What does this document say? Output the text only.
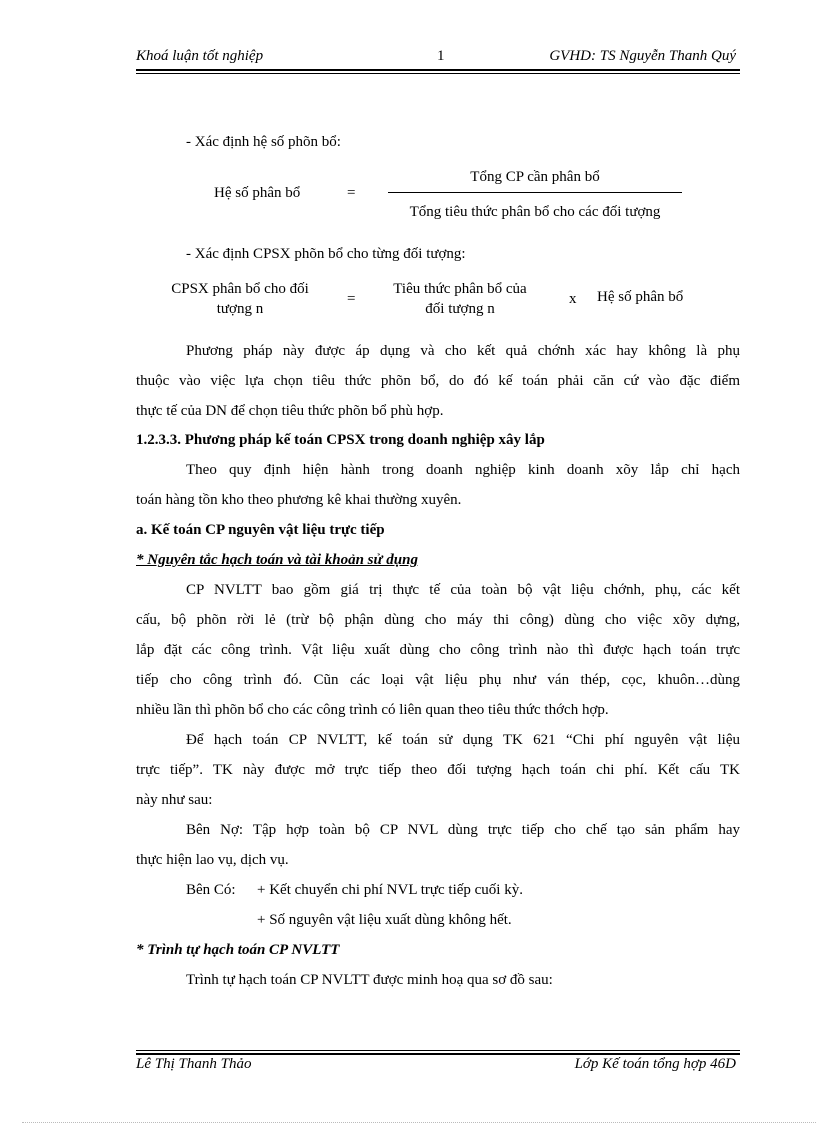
Khoá luận tốt nghiệp	1	GVHD: TS Nguyễn Thanh Quý
- Xác định hệ số phõn bổ:
Hệ số phân bổ	=
Tổng CP cần phân bổ
Tổng tiêu thức phân bổ cho các đối tượng
- Xác định CPSX phõn bổ cho từng đối tượng:
CPSX phân bổ cho đối
tượng n
=
Tiêu thức phân bổ của
đối tượng n
x Hệ số phân bổ
Phương pháp này được áp dụng và cho kết quả chớnh xác hay không là phụ
thuộc vào việc lựa chọn tiêu thức phõn bổ, do đó kế toán phải căn cứ vào đặc điểm
thực tế của DN để chọn tiêu thức phõn bổ phù hợp.
1.2.3.3. Phương pháp kế toán CPSX trong doanh nghiệp xây lắp
Theo quy định hiện hành trong doanh nghiệp kinh doanh xõy lắp chỉ hạch
toán hàng tồn kho theo phương kê khai thường xuyên.
a. Kế toán CP nguyên vật liệu trực tiếp
* Nguyên tắc hạch toán và tài khoản sử dụng
CP NVLTT bao gồm giá trị thực tế của toàn bộ vật liệu chớnh, phụ, các kết
cấu, bộ phõn rời lẻ (trừ bộ phận dùng cho máy thi công) dùng cho việc xõy dựng,
lắp đặt các công trình. Vật liệu xuất dùng cho công trình nào thì được hạch toán trực
tiếp cho công trình đó. Cũn các loại vật liệu phụ như ván thép, cọc, khuôn…dùng
nhiều lần thì phõn bổ cho các công trình có liên quan theo tiêu thức thớch hợp.
Để hạch toán CP NVLTT, kế toán sử dụng TK 621 “Chi phí nguyên vật liệu
trực tiếp”. TK này được mở trực tiếp theo đối tượng hạch toán chi phí. Kết cấu TK
này như sau:
Bên Nợ: Tập hợp toàn bộ CP NVL dùng trực tiếp cho chế tạo sản phẩm hay
thực hiện lao vụ, dịch vụ.
Bên Có: + Kết chuyển chi phí NVL trực tiếp cuối kỳ.
+ Số nguyên vật liệu xuất dùng không hết.
* Trình tự hạch toán CP NVLTT
Trình tự hạch toán CP NVLTT được minh hoạ qua sơ đồ sau:
Lê Thị Thanh Thảo	Lớp Kế toán tổng hợp 46D
